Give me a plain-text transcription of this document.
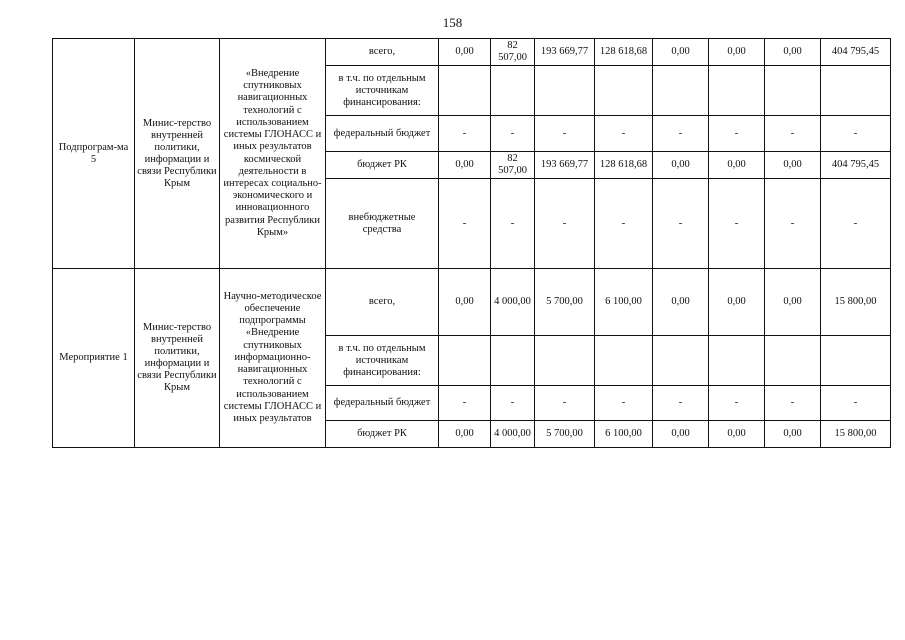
158
Подпрограм-ма 5	Минис-терство внутренней политики, информации и связи Республики Крым	«Внедрение спутниковых навигационных технологий с использованием системы ГЛОНАСС и иных результатов космической деятельности в интересах социально-экономического и инновационного развития Республики Крым»	всего,	0,00	82 507,00	193 669,77	128 618,68	0,00	0,00	0,00	404 795,45
			в т.ч. по отдельным источникам финансирования:								
			федеральный бюджет	-	-	-	-	-	-	-	-
			бюджет РК	0,00	82 507,00	193 669,77	128 618,68	0,00	0,00	0,00	404 795,45
			внебюджетные средства	-	-	-	-	-	-	-	-
Мероприятие 1	Минис-терство внутренней политики, информации и связи Республики Крым	Научно-методическое обеспечение подпрограммы «Внедрение спутниковых информационно-навигационных технологий с использованием системы ГЛОНАСС и иных результатов	всего,	0,00	4 000,00	5 700,00	6 100,00	0,00	0,00	0,00	15 800,00
			в т.ч. по отдельным источникам финансирования:								
			федеральный бюджет	-	-	-	-	-	-	-	-
			бюджет РК	0,00	4 000,00	5 700,00	6 100,00	0,00	0,00	0,00	15 800,00
